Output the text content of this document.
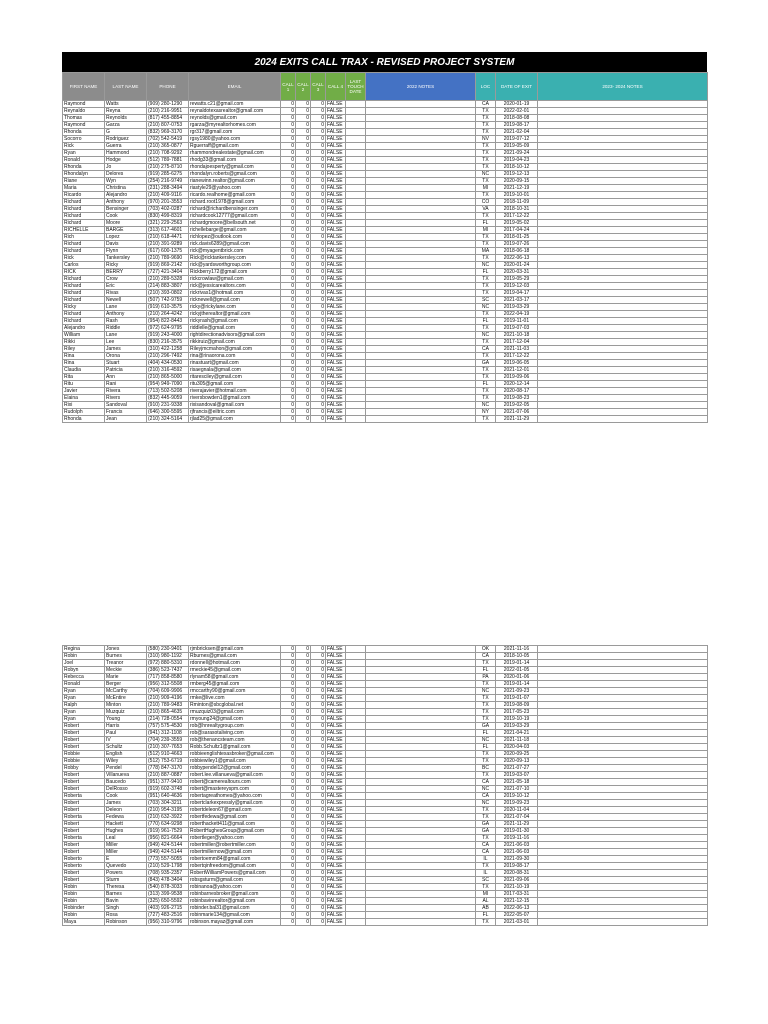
2024 EXITS CALL TRAX - REVISED PROJECT SYSTEM
FIRST NAME	LAST NAME	PHONE	EMAIL	CALL 1	CALL 2	CALL 3	CALL 4	LAST TOUCH DATE	2022 NOTES	LOC	DATE OF EXIT	2023- 2024 NOTES
Raymond	Watts	(909) 280-1290	rewatts.c21@gmail.com	0	0	0	FALSE			CA	2020-01-19	
Reynaldo	Reyna	(210) 216-9951	reynaldotexasrealtor@gmail.com	0	0	0	FALSE			TX	2022-02-01	
Thomas	Reynolds	(817) 455-8854	reynolds@gmail.com	0	0	0	FALSE			TX	2018-08-08	
Raymond	Garza	(210) 807-0753	rgarza@myrealtorhomes.com	0	0	0	FALSE			TX	2019-08-17	
Rhonda	G	(832) 969-3170	rgr317@gmail.com	0	0	0	FALSE			TX	2021-02-04	
Socorro	Rodriguez	(702) 542-5419	rgsy1980@yahoo.com	0	0	0	FALSE			NV	2019-07-12	
Rick	Guerra	(210) 365-0877	Rguerraff@gmail.com	0	0	0	FALSE			TX	2019-05-09	
Ryan	Hammond	(210) 708-9292	rhammondrealestate@gmail.com	0	0	0	FALSE			TX	2021-09-24	
Ronald	Hodge	(512) 789-7881	rhodg33@gmail.com	0	0	0	FALSE			TX	2019-04-23	
Rhonda	Jo	(210) 275-8710	rhondajoesperty@gmail.com	0	0	0	FALSE			TX	2018-10-12	
Rhondalyn	Delores	(919) 285-6275	rhondalyn.roberts@gmail.com	0	0	0	FALSE			NC	2019-12-13	
Riane	Wyn	(254) 216-9749	rianewinn.realtor@gmail.com	0	0	0	FALSE			TX	2020-09-15	
Maria	Christina	(231) 288-3494	riastyle29@yahoo.com	0	0	0	FALSE			MI	2021-12-19	
Ricardo	Alejandro	(210) 409-9116	ricardo.realhome@gmail.com	0	0	0	FALSE			TX	2019-10-01	
Richard	Anthony	(970) 201-3553	richard.root1978@gmail.com	0	0	0	FALSE			CO	2018-11-09	
Richard	Bensinger	(703) 402-0287	richard@richardbensinger.com	0	0	0	FALSE			VA	2018-10-31	
Richard	Cook	(830) 499-8319	richardcook12777@gmail.com	0	0	0	FALSE			TX	2017-12-22	
Richard	Moore	(321) 229-2563	richardgmoore@bellsouth.net	0	0	0	FALSE			FL	2019-05-02	
RICHELLE	BARGE	(313) 617-4601	richellebarge@gmail.com	0	0	0	FALSE			MI	2017-04-24	
Rich	Lopez	(210) 618-4471	richlopez@outlook.com	0	0	0	FALSE			TX	2018-01-25	
Richard	Davis	(210) 391-9289	rick.davis6289@gmail.com	0	0	0	FALSE			TX	2019-07-26	
Richard	Flynn	(617) 600-1375	rick@myagentbrick.com	0	0	0	FALSE			MA	2018-06-18	
Rick	Tankersley	(210) 789-9690	Rick@ricktankersley.com	0	0	0	FALSE			TX	2022-06-13	
Carlos	Ricky	(919) 869-2142	rick@yardsworthgroup.com	0	0	0	FALSE			NC	2020-01-24	
RICK	BERRY	(727) 421-3404	Rickberry172@gmail.com	0	0	0	FALSE			FL	2020-03-31	
Richard	Crow	(210) 289-5328	rickcrowlaw@gmail.com	0	0	0	FALSE			TX	2019-05-29	
Richard	Eric	(214) 883-3807	rick@jessicarealtors.com	0	0	0	FALSE			TX	2019-12-03	
Richard	Rivas	(210) 393-0802	rickrivas1@hotmail.com	0	0	0	FALSE			TX	2019-04-17	
Richard	Newell	(507) 742-9759	ricknewell@gmail.com	0	0	0	FALSE			SC	2021-03-17	
Ricky	Lane	(919) 610-3575	ricky@rickylane.com	0	0	0	FALSE			NC	2019-03-29	
Richard	Anthony	(210) 264-4242	rickyjtherealtor@gmail.com	0	0	0	FALSE			TX	2022-04-19	
Richard	Rash	(954) 822-8443	rickyrash@gmail.com	0	0	0	FALSE			FL	2019-11-01	
Alejandro	Riddle	(972) 624-9795	riddlelle@gmail.com	0	0	0	FALSE			TX	2019-07-03	
William	Lane	(919) 243-4000	rightdirectionadvisors@gmail.com	0	0	0	FALSE			NC	2021-10-18	
Rikki	Lee	(830) 216-3575	rikkiruiz@gmail.com	0	0	0	FALSE			TX	2017-12-04	
Riley	James	(310) 422-1258	Rileyjmcmahon@gmail.com	0	0	0	FALSE			CA	2021-11-03	
Rina	Orona	(210) 296-7492	rina@rinaorona.com	0	0	0	FALSE			TX	2017-12-22	
Rina	Stuart	(404) 434-0530	rinastuart@gmail.com	0	0	0	FALSE			GA	2019-06-05	
Claudia	Patricia	(210) 316-4592	risaegnala@gmail.com	0	0	0	FALSE			TX	2021-12-01	
Rita	Ann	(210) 865-5000	ritaresciley@gmail.com	0	0	0	FALSE			TX	2019-09-06	
Ritu	Rani	(954) 949-7090	ritu305@gmail.com	0	0	0	FALSE			FL	2020-12-14	
Javier	Rivera	(713) 502-5208	riverajavier@hotmail.com	0	0	0	FALSE			TX	2020-08-17	
Elaina	Rivers	(832) 445-9059	riversbowden1@gmail.com	0	0	0	FALSE			TX	2019-08-23	
Rixi	Sandoval	(910) 231-9338	rixisandoval@gmail.com	0	0	0	FALSE			NC	2019-02-05	
Rudolph	Francis	(646) 300-5595	rjfrancis@eiltric.com	0	0	0	FALSE			NY	2021-07-06	
Rhonda	Jean	(210) 324-5164	rjlad25@gmail.com	0	0	0	FALSE			TX	2021-11-29	
Regina	Jones	(580) 230-9401	rjmbricksen@gmail.com	0	0	0	FALSE			OK	2021-11-16	
Robin	Burnes	(310) 980-1192	Rburnes@gmail.com	0	0	0	FALSE			CA	2018-10-05	
Joel	Treanor	(972) 880-5310	rdonnell@hotmail.com	0	0	0	FALSE			TX	2019-01-14	
Robyn	Meckie	(386) 523-7437	rmeckie45@gmail.com	0	0	0	FALSE			FL	2022-01-05	
Rebecca	Marie	(717) 858-8580	rlynam58@gmail.com	0	0	0	FALSE			PA	2020-01-06	
Ronald	Berger	(956) 312-5508	rmberg45@gmail.com	0	0	0	FALSE			TX	2019-01-14	
Ryan	McCarthy	(704) 609-9906	rmccarthy90@gmail.com	0	0	0	FALSE			NC	2021-09-23	
Ryan	McEntire	(210) 909-4196	rmke@live.com	0	0	0	FALSE			TX	2019-01-07	
Ralph	Minton	(210) 789-9483	Rminton@sbcglobal.net	0	0	0	FALSE			TX	2019-08-09	
Ryan	Muzquiz	(210) 865-4635	rmuzquiz03@gmail.com	0	0	0	FALSE			TX	2017-05-23	
Ryan	Young	(214) 728-0554	rmyoung24@gmail.com	0	0	0	FALSE			TX	2019-10-19	
Robert	Harris	(757) 575-4530	rob@hnrealtygroup.com	0	0	0	FALSE			GA	2019-03-29	
Robert	Paul	(941) 312-1108	rob@sarasotaliving.com	0	0	0	FALSE			FL	2021-04-21	
Robert	IV	(704) 239-3559	rob@thenancsteam.com	0	0	0	FALSE			NC	2021-11-18	
Robert	Schultz	(210) 307-7653	Robb.Schultz1@gmail.com	0	0	0	FALSE			FL	2020-04-03	
Robbie	English	(512) 910-4663	robbieenglishtexasbroker@gmail.com	0	0	0	FALSE			TX	2020-09-25	
Robbie	Wiley	(512) 753-6719	robbiewiley1@gmail.com	0	0	0	FALSE			TX	2020-09-13	
Robby	Pendel	(778) 847-3170	robbypendel12@gmail.com	0	0	0	FALSE			BC	2021-07-27	
Robert	Villanueva	(210) 887-0887	robert.lee.villanueva@gmail.com	0	0	0	FALSE			TX	2019-03-07	
Robert	Baucedo	(951) 377-9410	robert@camerealtours.com	0	0	0	FALSE			CA	2021-05-18	
Robert	DelRosso	(919) 602-3748	robert@mastereyspm.com	0	0	0	FALSE			NC	2021-07-10	
Roberta	Cook	(951) 640-4636	robertagreathomes@yahoo.com	0	0	0	FALSE			CA	2019-10-12	
Robert	James	(703) 304-3211	robertclarkexpressly@gmail.com	0	0	0	FALSE			NC	2019-09-23	
Robert	Deleon	(210) 954-3195	robertdeleon67@gmail.com	0	0	0	FALSE			TX	2020-11-04	
Roberta	Fedewa	(210) 632-3922	robertfedewa@gmail.com	0	0	0	FALSE			TX	2021-07-04	
Robert	Hackett	(770) 634-9298	roberthackett411@gmail.com	0	0	0	FALSE			GA	2021-11-29	
Robert	Hughes	(919) 961-7529	RobertHughesGroup@gmail.com	0	0	0	FALSE			GA	2019-01-30	
Roberta	Leal	(956) 821-6664	robertleger@yahoo.com	0	0	0	FALSE			TX	2019-11-16	
Robert	Miller	(949) 424-5144	robertmiller@robertmiller.com	0	0	0	FALSE			CA	2021-06-03	
Robert	Miller	(949) 424-5144	robertmillernow@gmail.com	0	0	0	FALSE			CA	2021-06-03	
Roberto	E	(773) 557-5055	robertoemm84@gmail.com	0	0	0	FALSE			IL	2021-09-30	
Roberto	Quevedo	(210) 529-1798	robertqinfreedom@gmail.com	0	0	0	FALSE			TX	2019-08-17	
Robert	Powers	(708) 935-2357	RobertWilliamPowers@gmail.com	0	0	0	FALSE			IL	2020-08-31	
Robert	Sturm	(843) 478-3404	robsgsturm@gmail.com	0	0	0	FALSE			SC	2021-09-06	
Robin	Theresa	(540) 878-3033	robinanoa@yahoo.com	0	0	0	FALSE			TX	2021-10-19	
Robin	Barnes	(313) 399-9538	robinbarnesbroker@gmail.com	0	0	0	FALSE			MI	2017-03-31	
Robin	Bavin	(325) 650-5592	robinbavinrealtor@gmail.com	0	0	0	FALSE			AL	2021-12-15	
Robinder	Singh	(403) 926-2715	robinder.bal31@gmail.com	0	0	0	FALSE			AB	2022-06-13	
Robin	Rosa	(727) 483-2516	robinmarie134@gmail.com	0	0	0	FALSE			FL	2022-05-07	
Maya	Robinson	(956) 310-9796	robinson.mayaz@gmail.com	0	0	0	FALSE			TX	2021-03-01	
